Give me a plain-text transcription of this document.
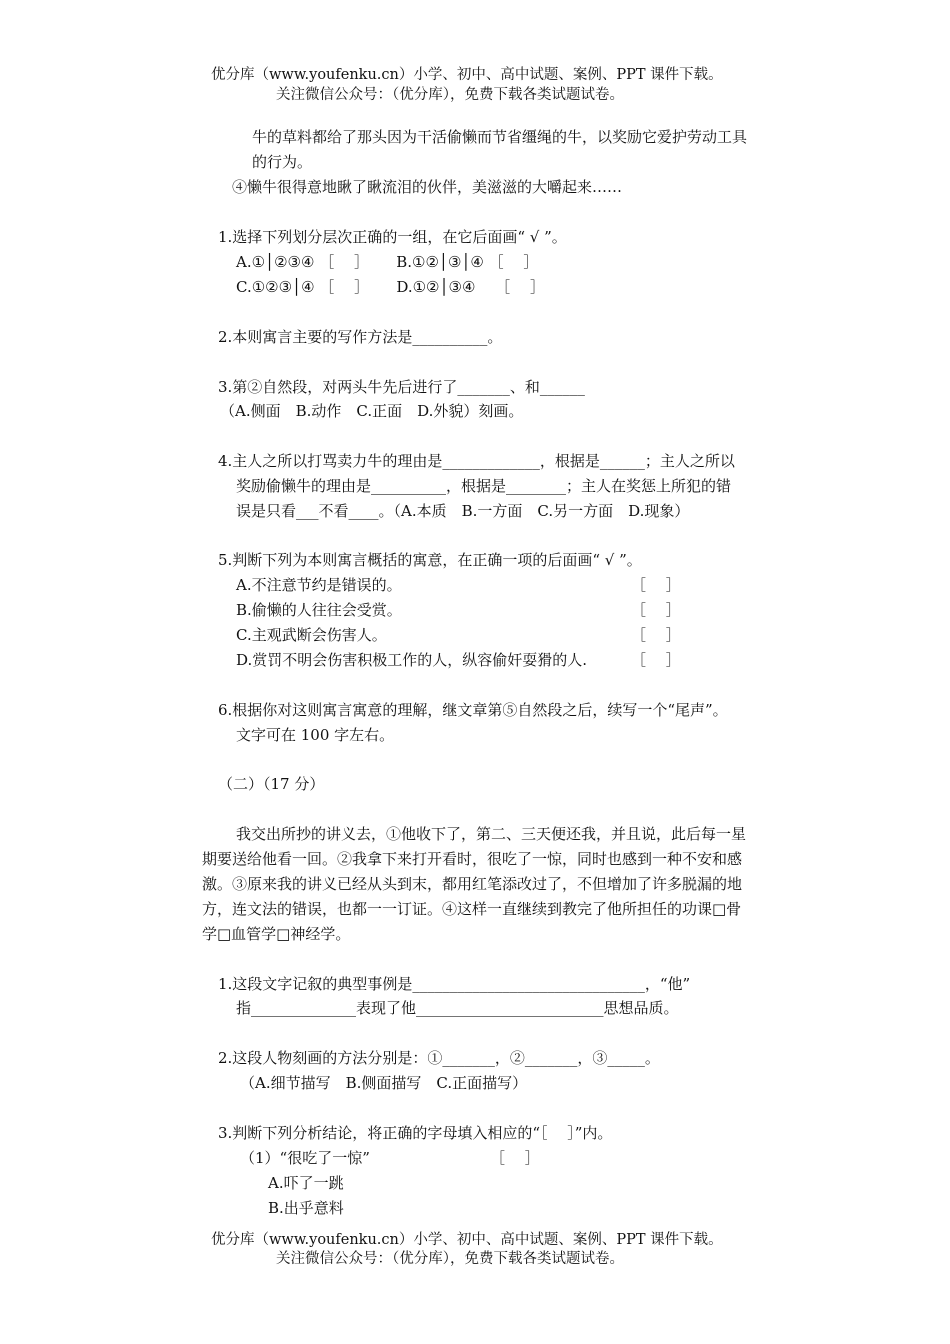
优分库（www.youfenku.cn）小学、初中、高中试题、案例、PPT 课件下载。
关注微信公众号：（优分库），免费下载各类试题试卷。
牛的草料都给了那头因为干活偷懒而节省缰绳的牛，以奖励它爱护劳动工具
的行为。
④懒牛很得意地瞅了瞅流泪的伙伴，美滋滋的大嚼起来……
1.选择下列划分层次正确的一组，在它后面画“ √ ”。
A.①│②③④ ［　 ］　　 B.①②│③│④ ［　 ］
C.①②③│④ ［　 ］　　 D.①②│③④　 ［　 ］
2.本则寓言主要的写作方法是__________。
3.第②自然段，对两头牛先后进行了_______、和______
（A.侧面　B.动作　C.正面　D.外貌）刻画。
4.主人之所以打骂卖力牛的理由是_____________，根据是______；主人之所以
奖励偷懒牛的理由是__________，根据是________；主人在奖惩上所犯的错
误是只看___不看____。（A.本质　B.一方面　C.另一方面　D.现象）
5.判断下列为本则寓言概括的寓意，在正确一项的后面画“ √ ”。
A.不注意节约是错误的。	［　 ］
B.偷懒的人往往会受赏。	［　 ］
C.主观武断会伤害人。	［　 ］
D.赏罚不明会伤害积极工作的人，纵容偷奸耍猾的人.	［　 ］
6.根据你对这则寓言寓意的理解，继文章第⑤自然段之后，续写一个“尾声”。
文字可在 100 字左右。
（二）（17 分）
我交出所抄的讲义去，①他收下了，第二、三天便还我，并且说，此后每一星
期要送给他看一回。②我拿下来打开看时，很吃了一惊，同时也感到一种不安和感
激。③原来我的讲义已经从头到末，都用红笔添改过了，不但增加了许多脱漏的地
方，连文法的错误，也都一一订证。④这样一直继续到教完了他所担任的功课□骨
学□血管学□神经学。
1.这段文字记叙的典型事例是_______________________________，“他”
指______________表现了他_________________________思想品质。
2.这段人物刻画的方法分别是：①_______，②_______，③_____。
（A.细节描写　B.侧面描写　C.正面描写）
3.判断下列分析结论，将正确的字母填入相应的“［　 ］”内。
（1）“很吃了一惊”	［　 ］
A.吓了一跳
B.出乎意料
优分库（www.youfenku.cn）小学、初中、高中试题、案例、PPT 课件下载。
关注微信公众号：（优分库），免费下载各类试题试卷。
